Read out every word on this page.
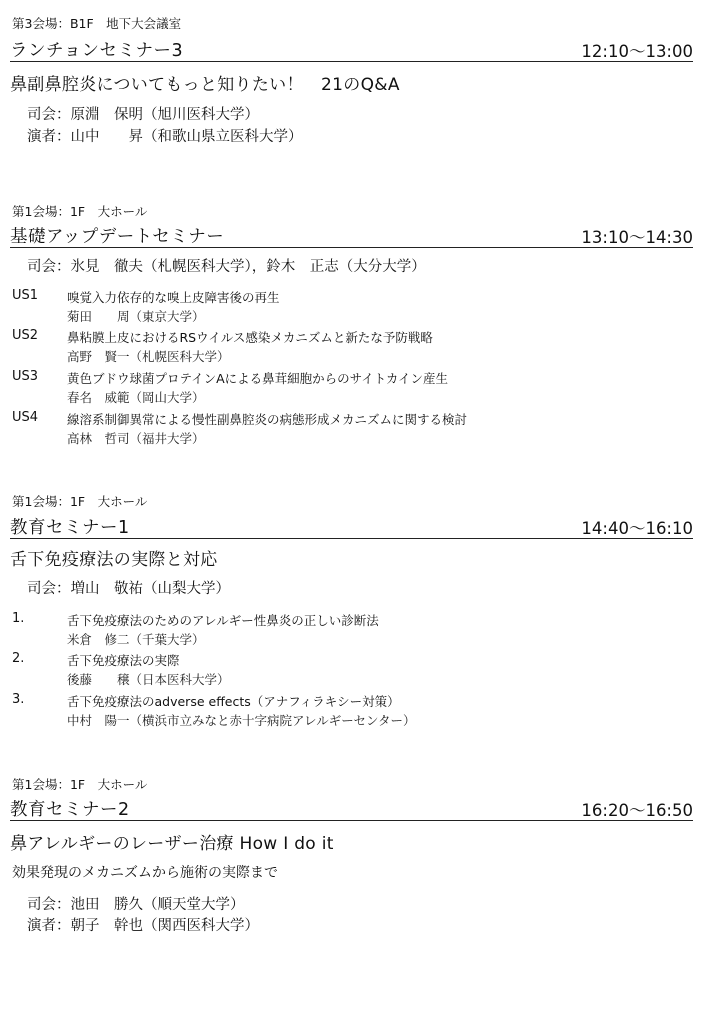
第3会場：B1F　地下大会議室
ランチョンセミナー3	12:10〜13:00
鼻副鼻腔炎についてもっと知りたい！　21のQ&A
司会：原淵　保明（旭川医科大学）
演者：山中　　昇（和歌山県立医科大学）
第1会場：1F　大ホール
基礎アップデートセミナー	13:10〜14:30
司会：氷見　徹夫（札幌医科大学），鈴木　正志（大分大学）
US1 嗅覚入力依存的な嗅上皮障害後の再生
菊田　　周（東京大学）
US2 鼻粘膜上皮におけるRSウイルス感染メカニズムと新たな予防戦略
高野　賢一（札幌医科大学）
US3 黄色ブドウ球菌プロテインAによる鼻茸細胞からのサイトカイン産生
春名　威範（岡山大学）
US4 線溶系制御異常による慢性副鼻腔炎の病態形成メカニズムに関する検討
高林　哲司（福井大学）
第1会場：1F　大ホール
教育セミナー1	14:40〜16:10
舌下免疫療法の実際と対応
司会：増山　敬祐（山梨大学）
1.	舌下免疫療法のためのアレルギー性鼻炎の正しい診断法
米倉　修二（千葉大学）
2.	舌下免疫療法の実際
後藤　　穣（日本医科大学）
3.	舌下免疫療法のadverse effects（アナフィラキシー対策）
中村　陽一（横浜市立みなと赤十字病院アレルギーセンター）
第1会場：1F　大ホール
教育セミナー2	16:20〜16:50
鼻アレルギーのレーザー治療 How I do it
効果発現のメカニズムから施術の実際まで
司会：池田　勝久（順天堂大学）
演者：朝子　幹也（関西医科大学）
